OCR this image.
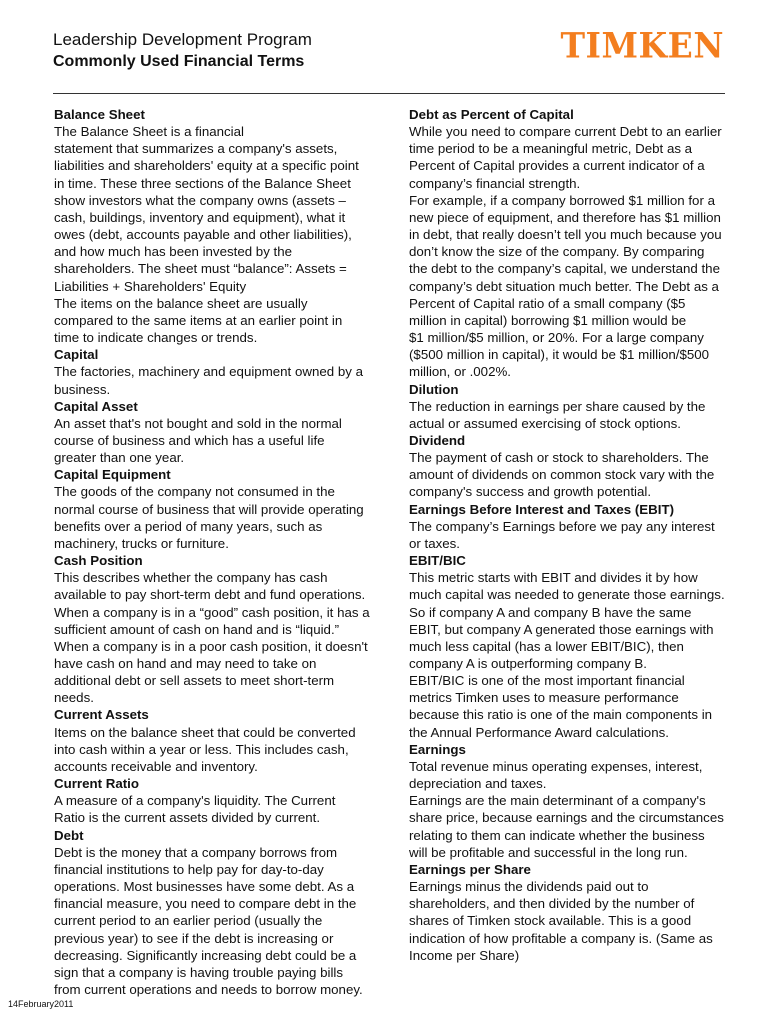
Leadership Development Program
Commonly Used Financial Terms	TIMKEN
Balance Sheet
The Balance Sheet is a financial
statement that summarizes a company's assets,
liabilities and shareholders' equity at a specific point
in time. These three sections of the Balance Sheet
show investors what the company owns (assets –
cash, buildings, inventory and equipment), what it
owes (debt, accounts payable and other liabilities),
and how much has been invested by the
shareholders. The sheet must “balance”: Assets =
Liabilities + Shareholders' Equity
The items on the balance sheet are usually
compared to the same items at an earlier point in
time to indicate changes or trends.
Capital
The factories, machinery and equipment owned by a
business.
Capital Asset
An asset that's not bought and sold in the normal
course of business and which has a useful life
greater than one year.
Capital Equipment
The goods of the company not consumed in the
normal course of business that will provide operating
benefits over a period of many years, such as
machinery, trucks or furniture.
Cash Position
This describes whether the company has cash
available to pay short-term debt and fund operations.
When a company is in a “good” cash position, it has a
sufficient amount of cash on hand and is “liquid.”
When a company is in a poor cash position, it doesn't
have cash on hand and may need to take on
additional debt or sell assets to meet short-term
needs.
Current Assets
Items on the balance sheet that could be converted
into cash within a year or less. This includes cash,
accounts receivable and inventory.
Current Ratio
A measure of a company's liquidity. The Current
Ratio is the current assets divided by current.
Debt
Debt is the money that a company borrows from
financial institutions to help pay for day-to-day
operations. Most businesses have some debt. As a
financial measure, you need to compare debt in the
current period to an earlier period (usually the
previous year) to see if the debt is increasing or
decreasing. Significantly increasing debt could be a
sign that a company is having trouble paying bills
from current operations and needs to borrow money.
Debt as Percent of Capital
While you need to compare current Debt to an earlier
time period to be a meaningful metric, Debt as a
Percent of Capital provides a current indicator of a
company’s financial strength.
For example, if a company borrowed $1 million for a
new piece of equipment, and therefore has $1 million
in debt, that really doesn’t tell you much because you
don’t know the size of the company. By comparing
the debt to the company’s capital, we understand the
company’s debt situation much better. The Debt as a
Percent of Capital ratio of a small company ($5
million in capital) borrowing $1 million would be
$1 million/$5 million, or 20%. For a large company
($500 million in capital), it would be $1 million/$500
million, or .002%.
Dilution
The reduction in earnings per share caused by the
actual or assumed exercising of stock options.
Dividend
The payment of cash or stock to shareholders. The
amount of dividends on common stock vary with the
company's success and growth potential.
Earnings Before Interest and Taxes (EBIT)
The company’s Earnings before we pay any interest
or taxes.
EBIT/BIC
This metric starts with EBIT and divides it by how
much capital was needed to generate those earnings.
So if company A and company B have the same
EBIT, but company A generated those earnings with
much less capital (has a lower EBIT/BIC), then
company A is outperforming company B.
EBIT/BIC is one of the most important financial
metrics Timken uses to measure performance
because this ratio is one of the main components in
the Annual Performance Award calculations.
Earnings
Total revenue minus operating expenses, interest,
depreciation and taxes.
Earnings are the main determinant of a company's
share price, because earnings and the circumstances
relating to them can indicate whether the business
will be profitable and successful in the long run.
Earnings per Share
Earnings minus the dividends paid out to
shareholders, and then divided by the number of
shares of Timken stock available. This is a good
indication of how profitable a company is. (Same as
Income per Share)
14February2011
